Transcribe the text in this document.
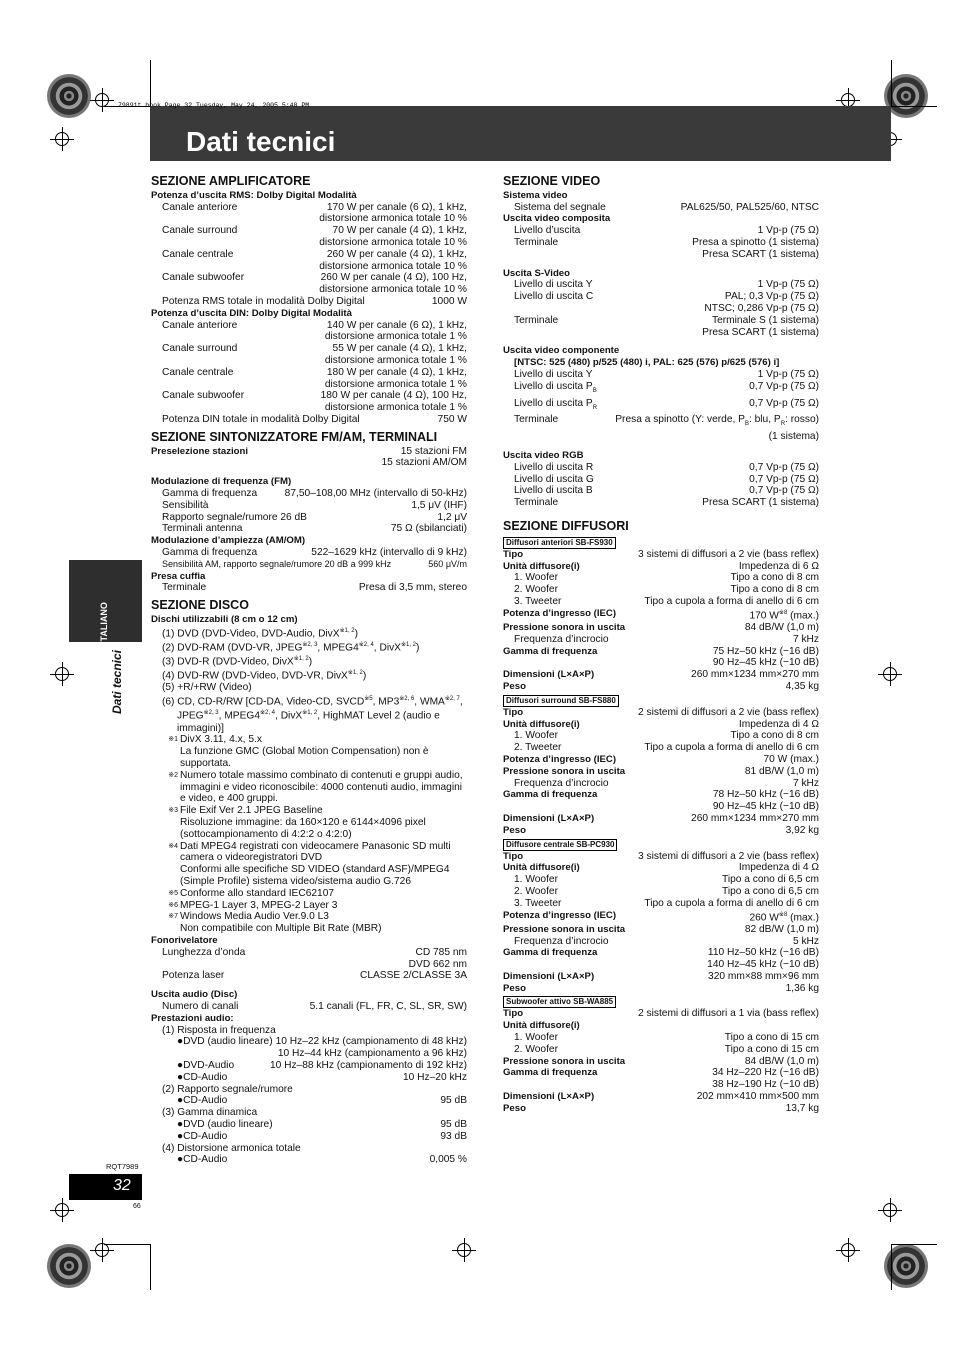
79891t.book Page 32 Tuesday, May 24, 2005 5:48 PM
Dati tecnici
ITALIANO
Dati tecnici
RQT7989
32
66
SEZIONE AMPLIFICATORE
Potenza d’uscita RMS: Dolby Digital Modalità
Canale anteriore	170 W per canale (6 Ω), 1 kHz,
distorsione armonica totale 10 %
Canale surround	70 W per canale (4 Ω), 1 kHz,
distorsione armonica totale 10 %
Canale centrale	260 W per canale (4 Ω), 1 kHz,
distorsione armonica totale 10 %
Canale subwoofer	260 W per canale (4 Ω), 100 Hz,
distorsione armonica totale 10 %
Potenza RMS totale in modalità Dolby Digital	1000 W
Potenza d’uscita DIN: Dolby Digital Modalità
Canale anteriore	140 W per canale (6 Ω), 1 kHz,
distorsione armonica totale 1 %
Canale surround	55 W per canale (4 Ω), 1 kHz,
distorsione armonica totale 1 %
Canale centrale	180 W per canale (4 Ω), 1 kHz,
distorsione armonica totale 1 %
Canale subwoofer	180 W per canale (4 Ω), 100 Hz,
distorsione armonica totale 1 %
Potenza DIN totale in modalità Dolby Digital	750 W
SEZIONE SINTONIZZATORE FM/AM, TERMINALI
Preselezione stazioni	15 stazioni FM
15 stazioni AM/OM
Modulazione di frequenza (FM)
Gamma di frequenza	87,50–108,00 MHz (intervallo di 50-kHz)
Sensibilità	1,5 μV (IHF)
Rapporto segnale/rumore 26 dB	1,2 μV
Terminali antenna	75 Ω (sbilanciati)
Modulazione d’ampiezza (AM/OM)
Gamma di frequenza	522–1629 kHz (intervallo di 9 kHz)
Sensibilità AM, rapporto segnale/rumore 20 dB a 999 kHz	560 μV/m
Presa cuffia
Terminale	Presa di 3,5 mm, stereo
SEZIONE DISCO
Dischi utilizzabili (8 cm o 12 cm)
(1) DVD (DVD-Video, DVD-Audio, DivX$^{※1, 2}$)
(2) DVD-RAM (DVD-VR, JPEG$^{※2, 3}$, MPEG4$^{※2, 4}$, DivX$^{※1, 2}$)
(3) DVD-R (DVD-Video, DivX$^{※1, 2}$)
(4) DVD-RW (DVD-Video, DVD-VR, DivX$^{※1, 2}$)
(5) +R/+RW (Video)
(6) CD, CD-R/RW [CD-DA, Video-CD, SVCD$^{※5}$, MP3$^{※2, 6}$, WMA$^{※2, 7}$,
JPEG$^{※2, 3}$, MPEG4$^{※2, 4}$, DivX$^{※1, 2}$, HighMAT Level 2 (audio e
immagini)]
※1 DivX 3.11, 4.x, 5.x
La funzione GMC (Global Motion Compensation) non è
supportata.
※2 Numero totale massimo combinato di contenuti e gruppi audio,
immagini e video riconoscibile: 4000 contenuti audio, immagini
e video, e 400 gruppi.
※3 File Exif Ver 2.1 JPEG Baseline
Risoluzione immagine: da 160×120 e 6144×4096 pixel
(sottocampionamento di 4:2:2 o 4:2:0)
※4 Dati MPEG4 registrati con videocamere Panasonic SD multi
camera o videoregistratori DVD
Conformi alle specifiche SD VIDEO (standard ASF)/MPEG4
(Simple Profile) sistema video/sistema audio G.726
※5 Conforme allo standard IEC62107
※6 MPEG-1 Layer 3, MPEG-2 Layer 3
※7 Windows Media Audio Ver.9.0 L3
Non compatibile con Multiple Bit Rate (MBR)
Fonorivelatore
Lunghezza d’onda	CD 785 nm
DVD 662 nm
Potenza laser	CLASSE 2/CLASSE 3A
Uscita audio (Disc)
Numero di canali	5.1 canali (FL, FR, C, SL, SR, SW)
Prestazioni audio:
(1) Risposta in frequenza
●DVD (audio lineare) 10 Hz–22 kHz (campionamento di 48 kHz)
10 Hz–44 kHz (campionamento a 96 kHz)
●DVD-Audio	10 Hz–88 kHz (campionamento di 192 kHz)
●CD-Audio	10 Hz–20 kHz
(2) Rapporto segnale/rumore
●CD-Audio	95 dB
(3) Gamma dinamica
●DVD (audio lineare)	95 dB
●CD-Audio	93 dB
(4) Distorsione armonica totale
●CD-Audio	0,005 %
SEZIONE VIDEO
Sistema video
Sistema del segnale	PAL625/50, PAL525/60, NTSC
Uscita video composita
Livello d’uscita	1 Vp-p (75 Ω)
Terminale	Presa a spinotto (1 sistema)
Presa SCART (1 sistema)
Uscita S-Video
Livello di uscita Y	1 Vp-p (75 Ω)
Livello di uscita C	PAL; 0,3 Vp-p (75 Ω)
NTSC; 0,286 Vp-p (75 Ω)
Terminale	Terminale S (1 sistema)
Presa SCART (1 sistema)
Uscita video componente
[NTSC: 525 (480) p/525 (480) i, PAL: 625 (576) p/625 (576) i]
Livello di uscita Y	1 Vp-p (75 Ω)
Livello di uscita $P_B$	0,7 Vp-p (75 Ω)
Livello di uscita $P_R$	0,7 Vp-p (75 Ω)
Terminale	Presa a spinotto (Y: verde, $P_B$: blu, $P_R$: rosso)
(1 sistema)
Uscita video RGB
Livello di uscita R	0,7 Vp-p (75 Ω)
Livello di uscita G	0,7 Vp-p (75 Ω)
Livello di uscita B	0,7 Vp-p (75 Ω)
Terminale	Presa SCART (1 sistema)
SEZIONE DIFFUSORI
Diffusori anteriori SB-FS930
Tipo	3 sistemi di diffusori a 2 vie (bass reflex)
Unità diffusore(i)	Impedenza di 6 Ω
1. Woofer	Tipo a cono di 8 cm
2. Woofer	Tipo a cono di 8 cm
3. Tweeter	Tipo a cupola a forma di anello di 6 cm
Potenza d’ingresso (IEC)	170 $W^{※8}$ (max.)
Pressione sonora in uscita	84 dB/W (1,0 m)
Frequenza d’incrocio	7 kHz
Gamma di frequenza	75 Hz–50 kHz (−16 dB)
90 Hz–45 kHz (−10 dB)
Dimensioni (L×A×P)	260 mm×1234 mm×270 mm
Peso	4,35 kg
Diffusori surround SB-FS880
Tipo	2 sistemi di diffusori a 2 vie (bass reflex)
Unità diffusore(i)	Impedenza di 4 Ω
1. Woofer	Tipo a cono di 8 cm
2. Tweeter	Tipo a cupola a forma di anello di 6 cm
Potenza d’ingresso (IEC)	70 W (max.)
Pressione sonora in uscita	81 dB/W (1,0 m)
Frequenza d’incrocio	7 kHz
Gamma di frequenza	78 Hz–50 kHz (−16 dB)
90 Hz–45 kHz (−10 dB)
Dimensioni (L×A×P)	260 mm×1234 mm×270 mm
Peso	3,92 kg
Diffusore centrale SB-PC930
Tipo	3 sistemi di diffusori a 2 vie (bass reflex)
Unità diffusore(i)	Impedenza di 4 Ω
1. Woofer	Tipo a cono di 6,5 cm
2. Woofer	Tipo a cono di 6,5 cm
3. Tweeter	Tipo a cupola a forma di anello di 6 cm
Potenza d’ingresso (IEC)	260 $W^{※8}$ (max.)
Pressione sonora in uscita	82 dB/W (1,0 m)
Frequenza d’incrocio	5 kHz
Gamma di frequenza	110 Hz–50 kHz (−16 dB)
140 Hz–45 kHz (−10 dB)
Dimensioni (L×A×P)	320 mm×88 mm×96 mm
Peso	1,36 kg
Subwoofer attivo SB-WA885
Tipo	2 sistemi di diffusori a 1 via (bass reflex)
Unità diffusore(i)
1. Woofer	Tipo a cono di 15 cm
2. Woofer	Tipo a cono di 15 cm
Pressione sonora in uscita	84 dB/W (1,0 m)
Gamma di frequenza	34 Hz–220 Hz (−16 dB)
38 Hz–190 Hz (−10 dB)
Dimensioni (L×A×P)	202 mm×410 mm×500 mm
Peso	13,7 kg
